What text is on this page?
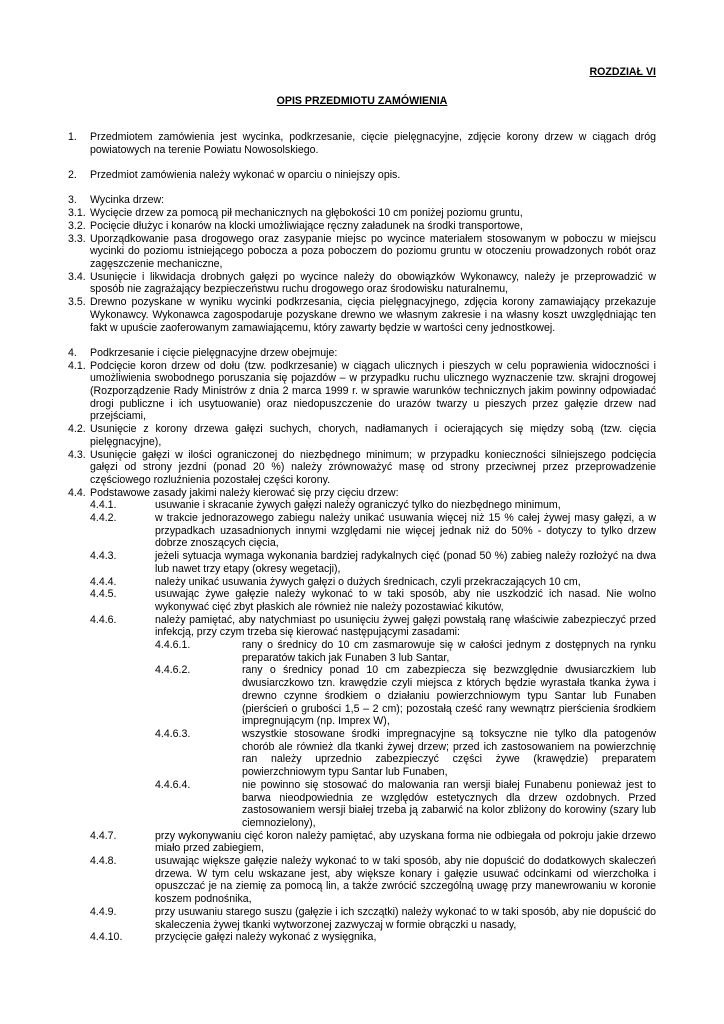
ROZDZIAŁ VI
OPIS PRZEDMIOTU ZAMÓWIENIA
1. Przedmiotem zamówienia jest wycinka, podkrzesanie, cięcie pielęgnacyjne, zdjęcie korony drzew w ciągach dróg powiatowych na terenie Powiatu Nowosolskiego.
2. Przedmiot zamówienia należy wykonać w oparciu o niniejszy opis.
3. Wycinka drzew:
3.1. Wycięcie drzew za pomocą pił mechanicznych na głębokości 10 cm poniżej poziomu gruntu,
3.2. Pocięcie dłużyc i konarów na klocki umożliwiające ręczny załadunek na środki transportowe,
3.3. Uporządkowanie pasa drogowego oraz zasypanie miejsc po wycince materiałem stosowanym w poboczu w miejscu wycinki do poziomu istniejącego pobocza a poza poboczem do poziomu gruntu w otoczeniu prowadzonych robót oraz zagęszczenie mechaniczne,
3.4. Usunięcie i likwidacja drobnych gałęzi po wycince należy do obowiązków Wykonawcy, należy je przeprowadzić w sposób nie zagrażający bezpieczeństwu ruchu drogowego oraz środowisku naturalnemu,
3.5. Drewno pozyskane w wyniku wycinki podkrzesania, cięcia pielęgnacyjnego, zdjęcia korony zamawiający przekazuje Wykonawcy. Wykonawca zagospodaruje pozyskane drewno we własnym zakresie i na własny koszt uwzględniając ten fakt w upuście zaoferowanym zamawiającemu, który zawarty będzie w wartości ceny jednostkowej.
4. Podkrzesanie i cięcie pielęgnacyjne drzew obejmuje:
4.1. Podcięcie koron drzew od dołu (tzw. podkrzesanie) w ciągach ulicznych i pieszych w celu poprawienia widoczności i umożliwienia swobodnego poruszania się pojazdów – w przypadku ruchu ulicznego wyznaczenie tzw. skrajni drogowej (Rozporządzenie Rady Ministrów z dnia 2 marca 1999 r. w sprawie warunków technicznych jakim powinny odpowiadać drogi publiczne i ich usytuowanie) oraz niedopuszczenie do urazów twarzy u pieszych przez gałęzie drzew nad przejściami,
4.2. Usunięcie z korony drzewa gałęzi suchych, chorych, nadłamanych i ocierających się między sobą (tzw. cięcia pielęgnacyjne),
4.3. Usunięcie gałęzi w ilości ograniczonej do niezbędnego minimum; w przypadku konieczności silniejszego podcięcia gałęzi od strony jezdni (ponad 20 %) należy zrównoważyć masę od strony przeciwnej przez przeprowadzenie częściowego rozluźnienia pozostałej części korony.
4.4. Podstawowe zasady jakimi należy kierować się przy cięciu drzew:
4.4.1.	usuwanie i skracanie żywych gałęzi należy ograniczyć tylko do niezbędnego minimum,
4.4.2.	w trakcie jednorazowego zabiegu należy unikać usuwania więcej niż 15 % całej żywej masy gałęzi, a w przypadkach uzasadnionych innymi względami nie więcej jednak niż do 50% - dotyczy to tylko drzew dobrze znoszących cięcia,
4.4.3.	jeżeli sytuacja wymaga wykonania bardziej radykalnych cięć (ponad 50 %) zabieg należy rozłożyć na dwa lub nawet trzy etapy (okresy wegetacji),
4.4.4.	należy unikać usuwania żywych gałęzi o dużych średnicach, czyli przekraczających 10 cm,
4.4.5.	usuwając żywe gałęzie należy wykonać to w taki sposób, aby nie uszkodzić ich nasad. Nie wolno wykonywać cięć zbyt płaskich ale również nie należy pozostawiać kikutów,
4.4.6.	należy pamiętać, aby natychmiast po usunięciu żywej gałęzi powstałą ranę właściwie zabezpieczyć przed infekcją, przy czym trzeba się kierować następującymi zasadami:
4.4.6.1.	rany o średnicy do 10 cm zasmarowuje się w całości jednym z dostępnych na rynku preparatów takich jak Funaben 3 lub Santar,
4.4.6.2.	rany o średnicy ponad 10 cm zabezpiecza się bezwzględnie dwusiarczkiem lub dwusiarczkowo tzn. krawędzie czyli miejsca z których będzie wyrastała tkanka żywa i drewno czynne środkiem o działaniu powierzchniowym typu Santar lub Funaben (pierścień o grubości 1,5 – 2 cm); pozostałą cześć rany wewnątrz pierścienia środkiem impregnującym (np. Imprex W),
4.4.6.3.	wszystkie stosowane środki impregnacyjne są toksyczne nie tylko dla patogenów chorób ale również dla tkanki żywej drzew; przed ich zastosowaniem na powierzchnię ran należy uprzednio zabezpieczyć części żywe (krawędzie) preparatem powierzchniowym typu Santar lub Funaben,
4.4.6.4.	nie powinno się stosować do malowania ran wersji białej Funabenu ponieważ jest to barwa nieodpowiednia ze względów estetycznych dla drzew ozdobnych. Przed zastosowaniem wersji białej trzeba ją zabarwić na kolor zbliżony do korowiny (szary lub ciemnozielony),
4.4.7.	przy wykonywaniu cięć koron należy pamiętać, aby uzyskana forma nie odbiegała od pokroju jakie drzewo miało przed zabiegiem,
4.4.8.	usuwając większe gałęzie należy wykonać to w taki sposób, aby nie dopuścić do dodatkowych skaleczeń drzewa. W tym celu wskazane jest, aby większe konary i gałęzie usuwać odcinkami od wierzchołka i opuszczać je na ziemię za pomocą lin, a także zwrócić szczególną uwagę przy manewrowaniu w koronie koszem podnośnika,
4.4.9.	przy usuwaniu starego suszu (gałęzie i ich szczątki) należy wykonać to w taki sposób, aby nie dopuścić do skaleczenia żywej tkanki wytworzonej zazwyczaj w formie obrączki u nasady,
4.4.10.	przycięcie gałęzi należy wykonać z wysięgnika,
